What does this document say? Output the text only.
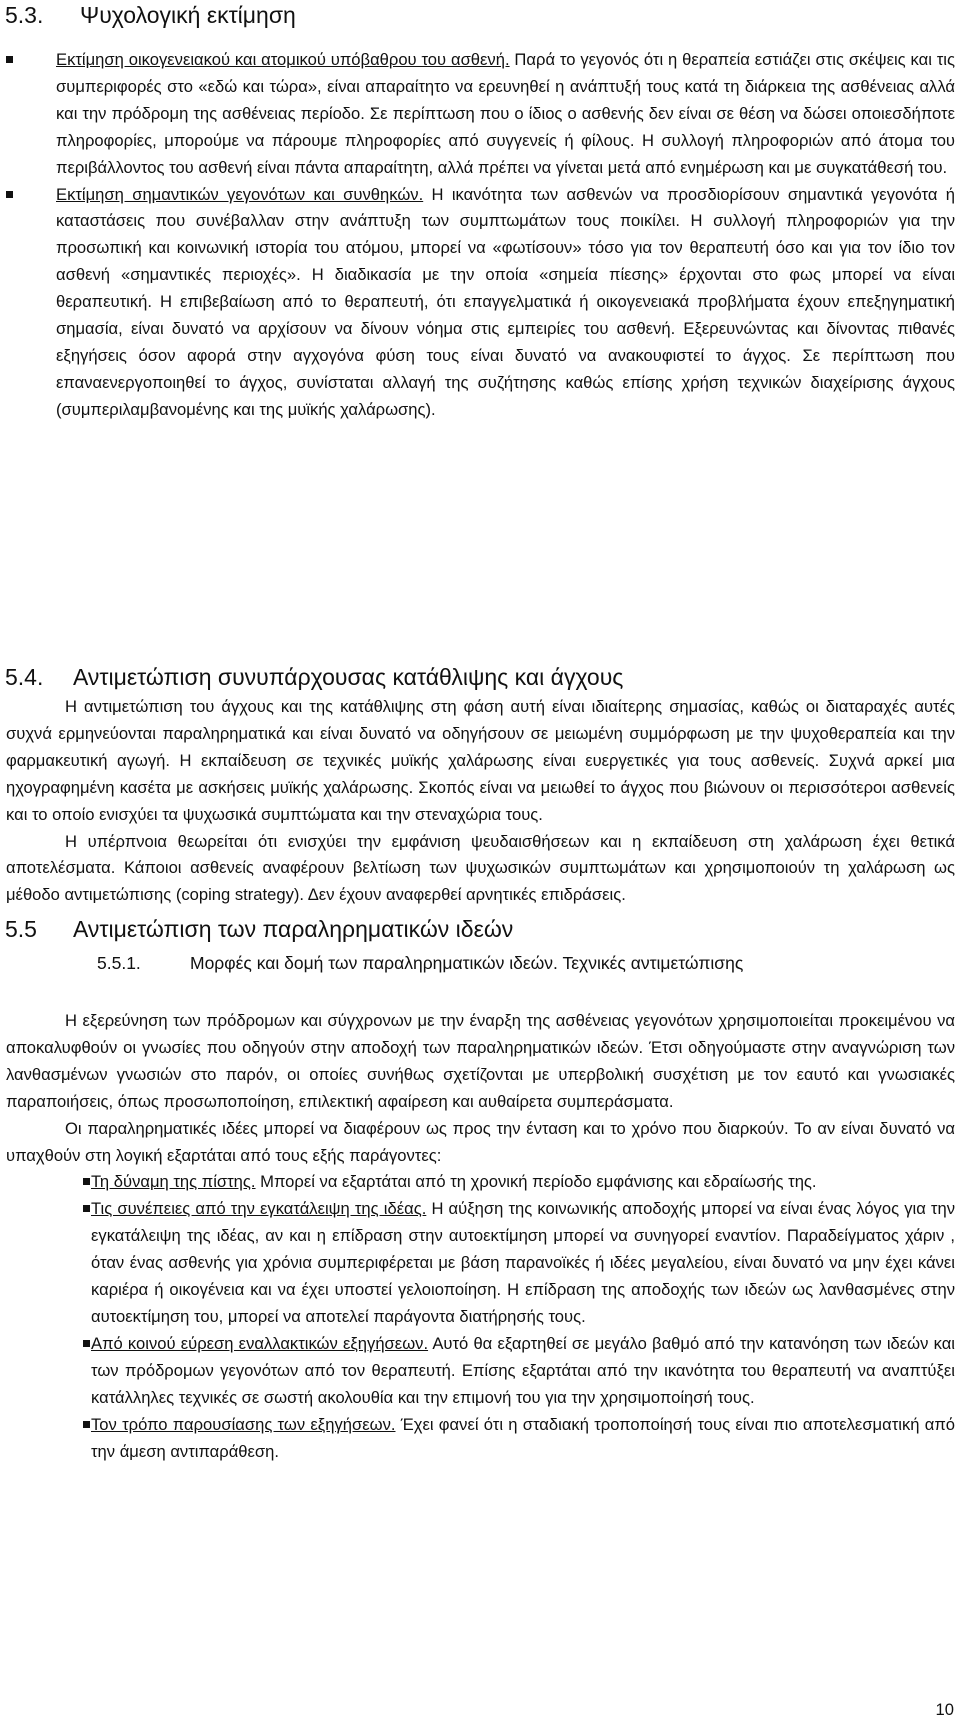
5.3. Ψυχολογική εκτίμηση

Εκτίμηση οικογενειακού και ατομικού υπόβαθρου του ασθενή. Παρά το γεγονός ότι η θεραπεία εστιάζει στις σκέψεις και τις συμπεριφορές στο «εδώ και τώρα», είναι απαραίτητο να ερευνηθεί η ανάπτυξή τους κατά τη διάρκεια της ασθένειας αλλά και την πρόδρομη της ασθένειας περίοδο. Σε περίπτωση που ο ίδιος ο ασθενής δεν είναι σε θέση να δώσει οποιεσδήποτε πληροφορίες, μπορούμε να πάρουμε πληροφορίες από συγγενείς ή φίλους. Η συλλογή πληροφοριών από άτομα του περιβάλλοντος του ασθενή είναι πάντα απαραίτητη, αλλά πρέπει να γίνεται μετά από ενημέρωση και με συγκατάθεσή του.

Εκτίμηση σημαντικών γεγονότων και συνθηκών. Η ικανότητα των ασθενών να προσδιορίσουν σημαντικά γεγονότα ή καταστάσεις που συνέβαλλαν στην ανάπτυξη των συμπτωμάτων τους ποικίλει. Η συλλογή πληροφοριών για την προσωπική και κοινωνική ιστορία του ατόμου, μπορεί να «φωτίσουν» τόσο για τον θεραπευτή όσο και για τον ίδιο τον ασθενή «σημαντικές περιοχές». Η διαδικασία με την οποία «σημεία πίεσης» έρχονται στο φως μπορεί να είναι θεραπευτική. Η επιβεβαίωση από το θεραπευτή, ότι επαγγελματικά ή οικογενειακά προβλήματα έχουν επεξηγηματική σημασία, είναι δυνατό να αρχίσουν να δίνουν νόημα στις εμπειρίες του ασθενή. Εξερευνώντας και δίνοντας πιθανές εξηγήσεις όσον αφορά στην αγχογόνα φύση τους είναι δυνατό να ανακουφιστεί το άγχος. Σε περίπτωση που επαναενεργοποιηθεί το άγχος, συνίσταται αλλαγή της συζήτησης καθώς επίσης χρήση τεχνικών διαχείρισης άγχους (συμπεριλαμβανομένης και της μυϊκής χαλάρωσης).

5.4. Αντιμετώπιση συνυπάρχουσας κατάθλιψης και άγχους

Η αντιμετώπιση του άγχους και της κατάθλιψης στη φάση αυτή είναι ιδιαίτερης σημασίας, καθώς οι διαταραχές αυτές συχνά ερμηνεύονται παραληρηματικά και είναι δυνατό να οδηγήσουν σε μειωμένη συμμόρφωση με την ψυχοθεραπεία και την φαρμακευτική αγωγή. Η εκπαίδευση σε τεχνικές μυϊκής χαλάρωσης είναι ευεργετικές για τους ασθενείς. Συχνά αρκεί μια ηχογραφημένη κασέτα με ασκήσεις μυϊκής χαλάρωσης. Σκοπός είναι να μειωθεί το άγχος που βιώνουν οι περισσότεροι ασθενείς και το οποίο ενισχύει τα ψυχωσικά συμπτώματα και την στεναχώρια τους.

Η υπέρπνοια θεωρείται ότι ενισχύει την εμφάνιση ψευδαισθήσεων και η εκπαίδευση στη χαλάρωση έχει θετικά αποτελέσματα. Κάποιοι ασθενείς αναφέρουν βελτίωση των ψυχωσικών συμπτωμάτων και χρησιμοποιούν τη χαλάρωση ως μέθοδο αντιμετώπισης (coping strategy). Δεν έχουν αναφερθεί αρνητικές επιδράσεις.

5.5 Αντιμετώπιση των παραληρηματικών ιδεών
5.5.1.	Μορφές και δομή των παραληρηματικών ιδεών. Τεχνικές αντιμετώπισης

Η εξερεύνηση των πρόδρομων και σύγχρονων με την έναρξη της ασθένειας γεγονότων χρησιμοποιείται προκειμένου να αποκαλυφθούν οι γνωσίες που οδηγούν στην αποδοχή των παραληρηματικών ιδεών. Έτσι οδηγούμαστε στην αναγνώριση των λανθασμένων γνωσιών στο παρόν, οι οποίες συνήθως σχετίζονται με υπερβολική συσχέτιση με τον εαυτό και γνωσιακές παραποιήσεις, όπως προσωποποίηση, επιλεκτική αφαίρεση και αυθαίρετα συμπεράσματα.

Οι παραληρηματικές ιδέες μπορεί να διαφέρουν ως προς την ένταση και το χρόνο που διαρκούν. Το αν είναι δυνατό να υπαχθούν στη λογική εξαρτάται από τους εξής παράγοντες:

Τη δύναμη της πίστης. Μπορεί να εξαρτάται από τη χρονική περίοδο εμφάνισης και εδραίωσής της.

Τις συνέπειες από την εγκατάλειψη της ιδέας. Η αύξηση της κοινωνικής αποδοχής μπορεί να είναι ένας λόγος για την εγκατάλειψη της ιδέας, αν και η επίδραση στην αυτοεκτίμηση μπορεί να συνηγορεί εναντίον. Παραδείγματος χάριν , όταν ένας ασθενής για χρόνια συμπεριφέρεται με βάση παρανοϊκές ή ιδέες μεγαλείου, είναι δυνατό να μην έχει κάνει καριέρα ή οικογένεια και να έχει υποστεί γελοιοποίηση. Η επίδραση της αποδοχής των ιδεών ως λανθασμένες στην αυτοεκτίμηση του, μπορεί να αποτελεί παράγοντα διατήρησής τους.

Από κοινού εύρεση εναλλακτικών εξηγήσεων. Αυτό θα εξαρτηθεί σε μεγάλο βαθμό από την κατανόηση των ιδεών και των πρόδρομων γεγονότων από τον θεραπευτή. Επίσης εξαρτάται από την ικανότητα του θεραπευτή να αναπτύξει κατάλληλες τεχνικές σε σωστή ακολουθία και την επιμονή του για την χρησιμοποίησή τους.

Τον τρόπο παρουσίασης των εξηγήσεων. Έχει φανεί ότι η σταδιακή τροποποίησή τους είναι πιο αποτελεσματική από την άμεση αντιπαράθεση.

10
